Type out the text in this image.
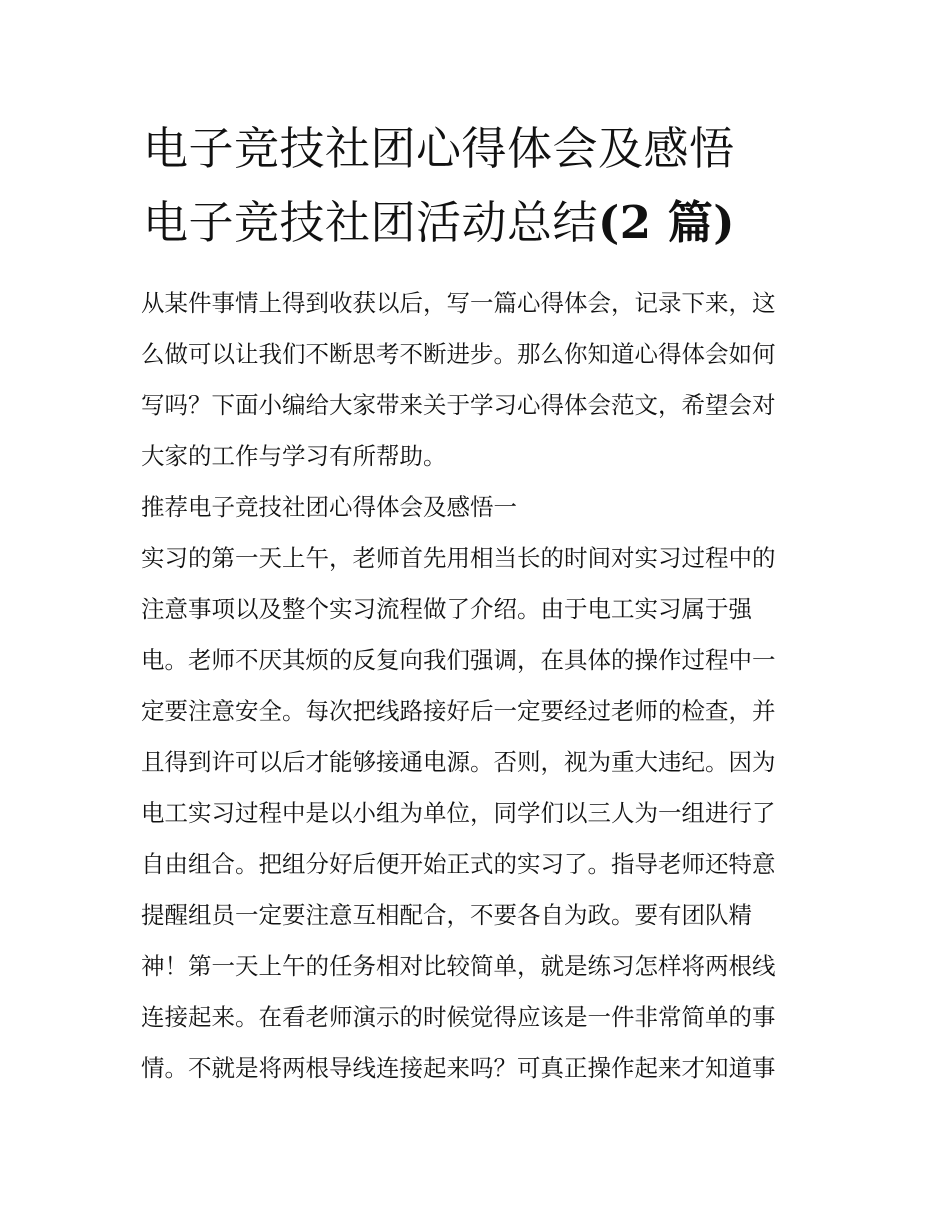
电子竞技社团心得体会及感悟
电子竞技社团活动总结(2 篇)
从某件事情上得到收获以后，写一篇心得体会，记录下来，这
么做可以让我们不断思考不断进步。那么你知道心得体会如何
写吗？下面小编给大家带来关于学习心得体会范文，希望会对
大家的工作与学习有所帮助。
推荐电子竞技社团心得体会及感悟一
实习的第一天上午，老师首先用相当长的时间对实习过程中的
注意事项以及整个实习流程做了介绍。由于电工实习属于强
电。老师不厌其烦的反复向我们强调，在具体的操作过程中一
定要注意安全。每次把线路接好后一定要经过老师的检查，并
且得到许可以后才能够接通电源。否则，视为重大违纪。因为
电工实习过程中是以小组为单位，同学们以三人为一组进行了
自由组合。把组分好后便开始正式的实习了。指导老师还特意
提醒组员一定要注意互相配合，不要各自为政。要有团队精
神！第一天上午的任务相对比较简单，就是练习怎样将两根线
连接起来。在看老师演示的时候觉得应该是一件非常简单的事
情。不就是将两根导线连接起来吗？可真正操作起来才知道事
